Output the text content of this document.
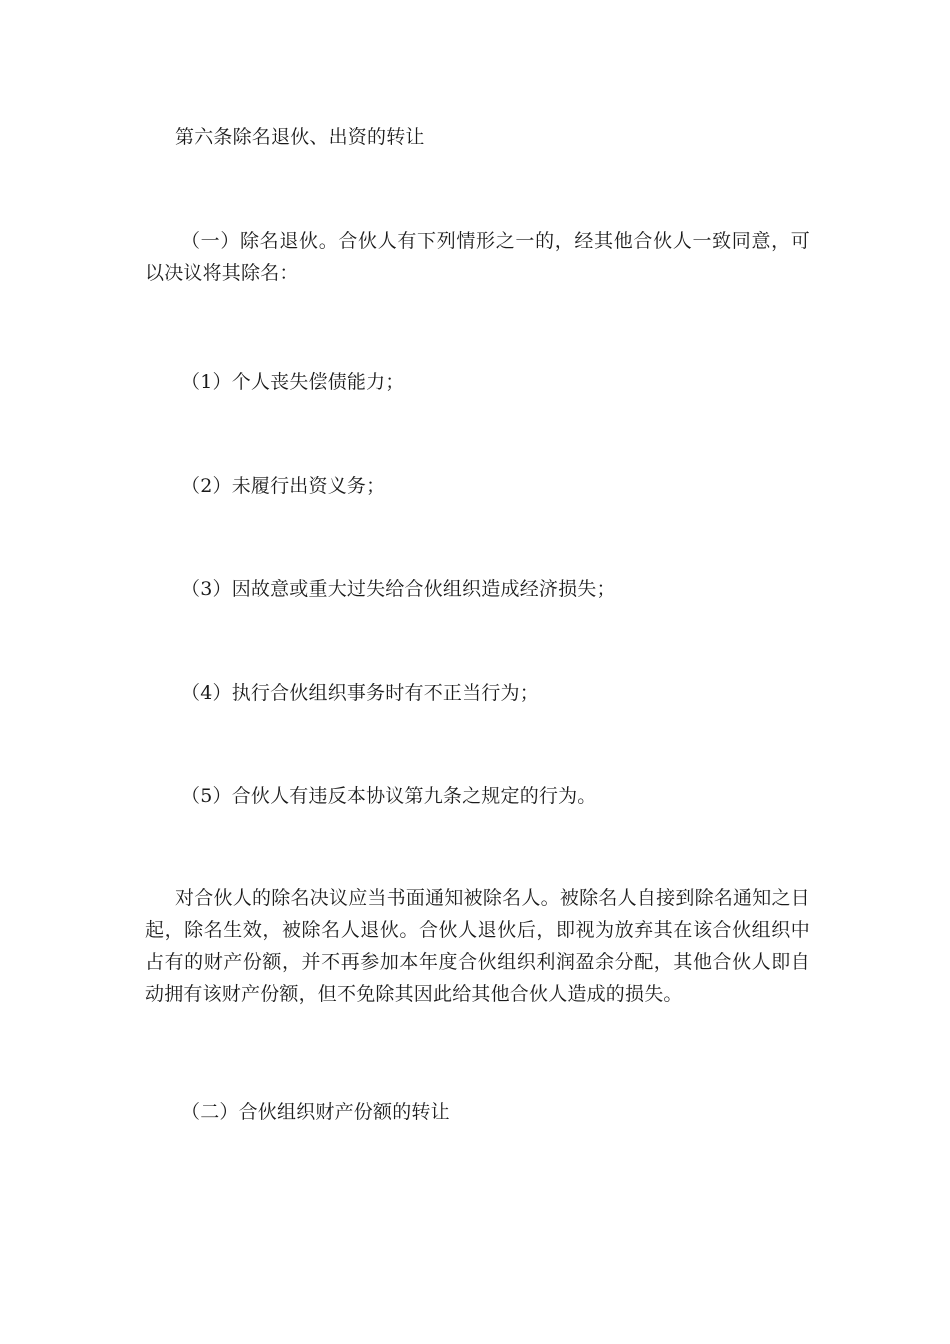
第六条除名退伙、出资的转让

（一）除名退伙。合伙人有下列情形之一的，经其他合伙人一致同意，可以决议将其除名：

（1）个人丧失偿债能力；

（2）未履行出资义务；

（3）因故意或重大过失给合伙组织造成经济损失；

（4）执行合伙组织事务时有不正当行为；

（5）合伙人有违反本协议第九条之规定的行为。

对合伙人的除名决议应当书面通知被除名人。被除名人自接到除名通知之日起，除名生效，被除名人退伙。合伙人退伙后，即视为放弃其在该合伙组织中占有的财产份额，并不再参加本年度合伙组织利润盈余分配，其他合伙人即自动拥有该财产份额，但不免除其因此给其他合伙人造成的损失。

（二）合伙组织财产份额的转让
